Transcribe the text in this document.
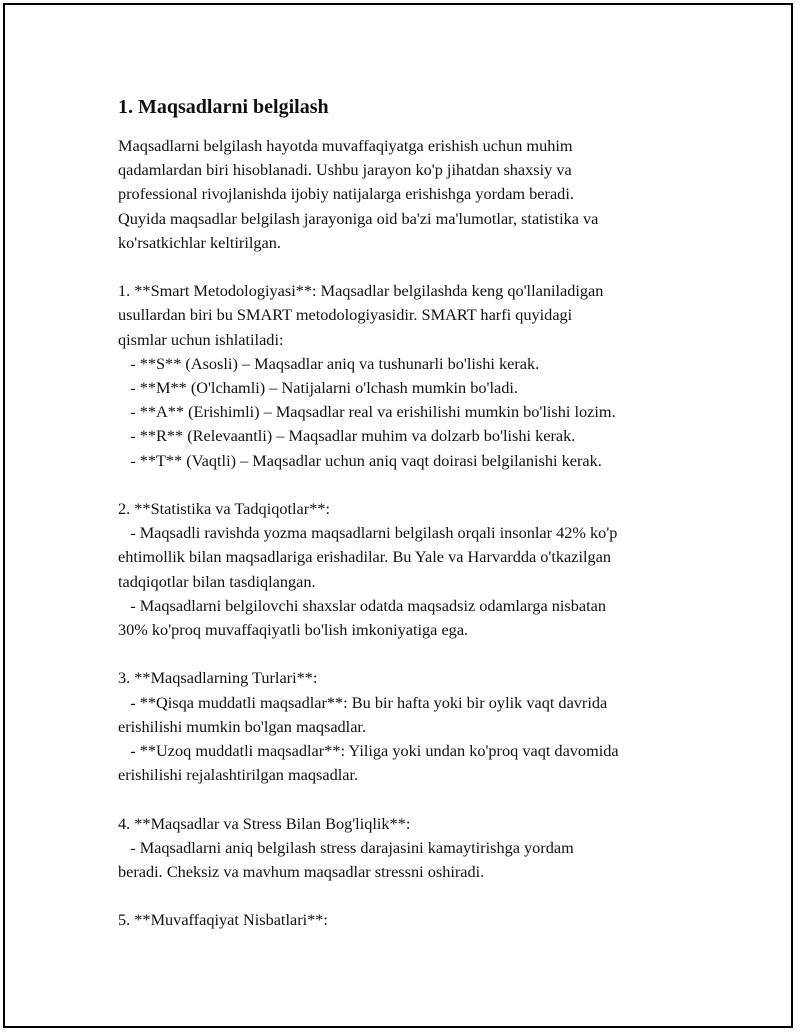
1. Maqsadlarni belgilash

Maqsadlarni belgilash hayotda muvaffaqiyatga erishish uchun muhim
qadamlardan biri hisoblanadi. Ushbu jarayon ko'p jihatdan shaxsiy va
professional rivojlanishda ijobiy natijalarga erishishga yordam beradi.
Quyida maqsadlar belgilash jarayoniga oid ba'zi ma'lumotlar, statistika va
ko'rsatkichlar keltirilgan.

1. **Smart Metodologiyasi**: Maqsadlar belgilashda keng qo'llaniladigan
usullardan biri bu SMART metodologiyasidir. SMART harfi quyidagi
qismlar uchun ishlatiladi:
- **S** (Asosli) – Maqsadlar aniq va tushunarli bo'lishi kerak.
- **M** (O'lchamli) – Natijalarni o'lchash mumkin bo'ladi.
- **A** (Erishimli) – Maqsadlar real va erishilishi mumkin bo'lishi lozim.
- **R** (Relevaantli) – Maqsadlar muhim va dolzarb bo'lishi kerak.
- **T** (Vaqtli) – Maqsadlar uchun aniq vaqt doirasi belgilanishi kerak.

2. **Statistika va Tadqiqotlar**:
- Maqsadli ravishda yozma maqsadlarni belgilash orqali insonlar 42% ko'p
ehtimollik bilan maqsadlariga erishadilar. Bu Yale va Harvardda o'tkazilgan
tadqiqotlar bilan tasdiqlangan.
- Maqsadlarni belgilovchi shaxslar odatda maqsadsiz odamlarga nisbatan
30% ko'proq muvaffaqiyatli bo'lish imkoniyatiga ega.

3. **Maqsadlarning Turlari**:
- **Qisqa muddatli maqsadlar**: Bu bir hafta yoki bir oylik vaqt davrida
erishilishi mumkin bo'lgan maqsadlar.
- **Uzoq muddatli maqsadlar**: Yiliga yoki undan ko'proq vaqt davomida
erishilishi rejalashtirilgan maqsadlar.

4. **Maqsadlar va Stress Bilan Bog'liqlik**:
- Maqsadlarni aniq belgilash stress darajasini kamaytirishga yordam
beradi. Cheksiz va mavhum maqsadlar stressni oshiradi.

5. **Muvaffaqiyat Nisbatlari**:
